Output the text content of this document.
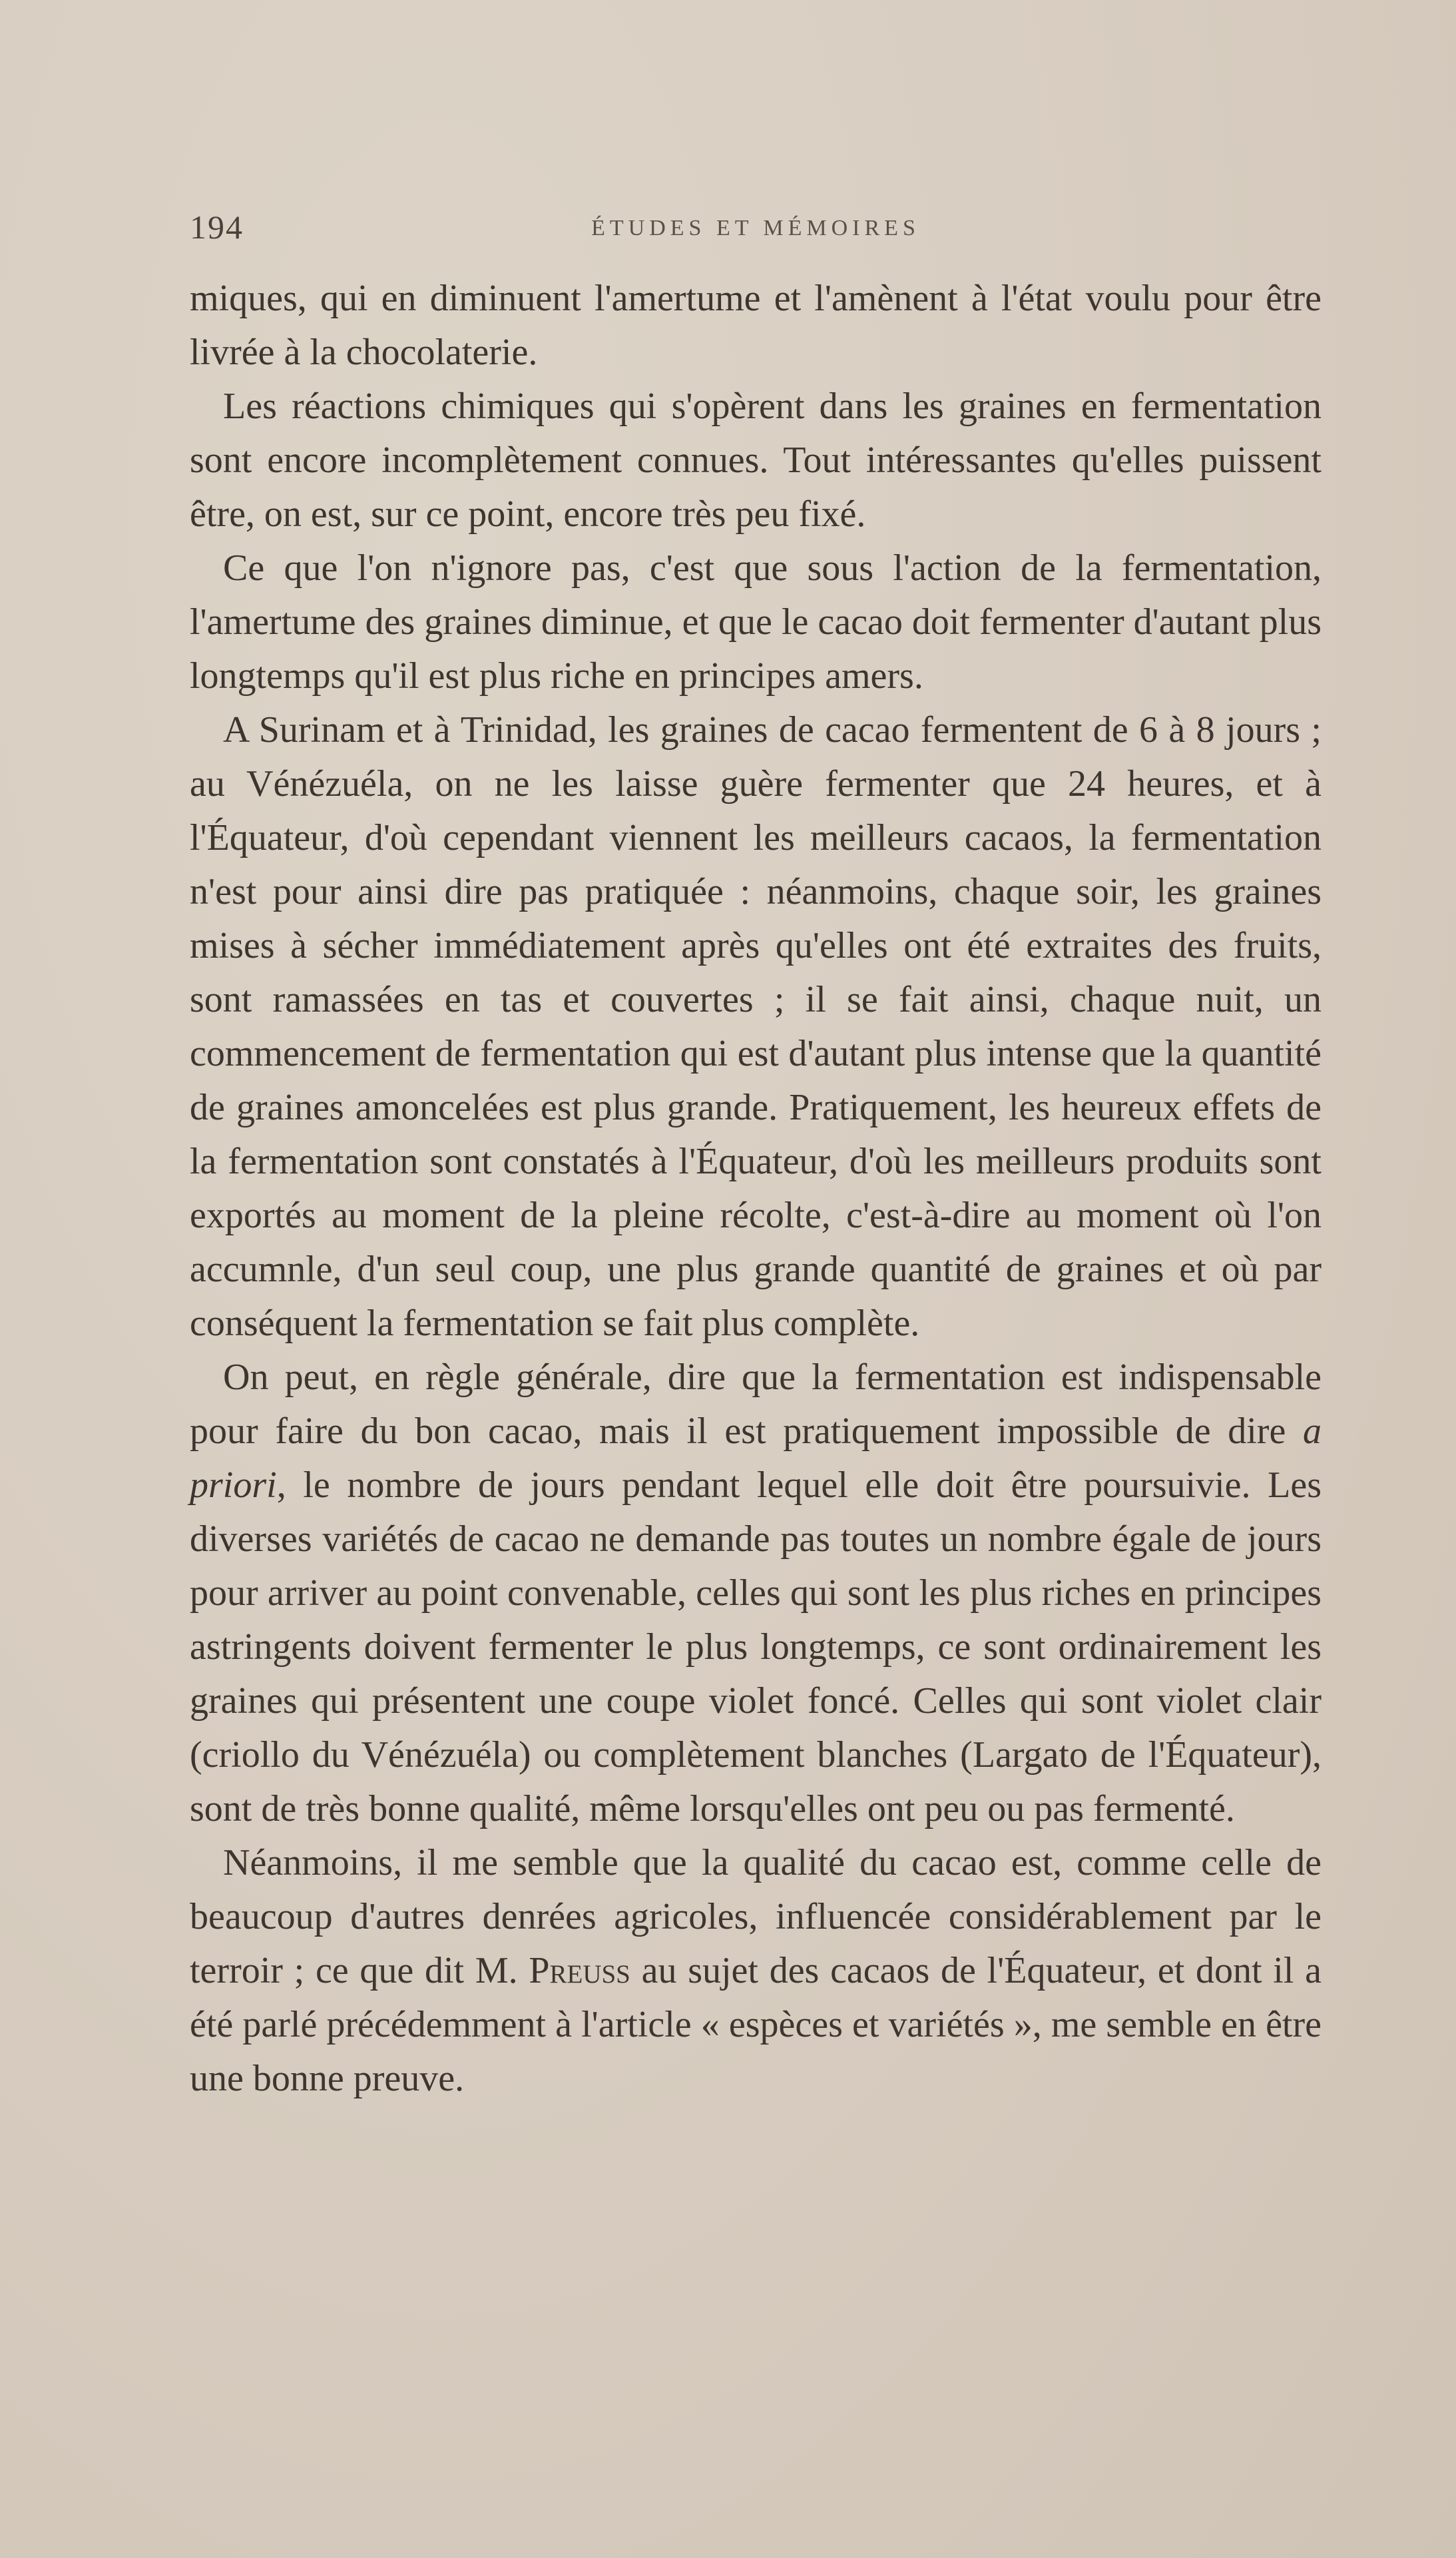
194	ÉTUDES ET MÉMOIRES

miques, qui en diminuent l'amertume et l'amènent à l'état voulu pour être livrée à la chocolaterie.

Les réactions chimiques qui s'opèrent dans les graines en fermentation sont encore incomplètement connues. Tout intéressantes qu'elles puissent être, on est, sur ce point, encore très peu fixé.

Ce que l'on n'ignore pas, c'est que sous l'action de la fermentation, l'amertume des graines diminue, et que le cacao doit fermenter d'autant plus longtemps qu'il est plus riche en principes amers.

A Surinam et à Trinidad, les graines de cacao fermentent de 6 à 8 jours ; au Vénézuéla, on ne les laisse guère fermenter que 24 heures, et à l'Équateur, d'où cependant viennent les meilleurs cacaos, la fermentation n'est pour ainsi dire pas pratiquée : néanmoins, chaque soir, les graines mises à sécher immédiatement après qu'elles ont été extraites des fruits, sont ramassées en tas et couvertes ; il se fait ainsi, chaque nuit, un commencement de fermentation qui est d'autant plus intense que la quantité de graines amoncelées est plus grande. Pratiquement, les heureux effets de la fermentation sont constatés à l'Équateur, d'où les meilleurs produits sont exportés au moment de la pleine récolte, c'est-à-dire au moment où l'on accumnle, d'un seul coup, une plus grande quantité de graines et où par conséquent la fermentation se fait plus complète.

On peut, en règle générale, dire que la fermentation est indispensable pour faire du bon cacao, mais il est pratiquement impossible de dire a priori, le nombre de jours pendant lequel elle doit être poursuivie. Les diverses variétés de cacao ne demande pas toutes un nombre égale de jours pour arriver au point convenable, celles qui sont les plus riches en principes astringents doivent fermenter le plus longtemps, ce sont ordinairement les graines qui présentent une coupe violet foncé. Celles qui sont violet clair (criollo du Vénézuéla) ou complètement blanches (Largato de l'Équateur), sont de très bonne qualité, même lorsqu'elles ont peu ou pas fermenté.

Néanmoins, il me semble que la qualité du cacao est, comme celle de beaucoup d'autres denrées agricoles, influencée considérablement par le terroir ; ce que dit M. Preuss au sujet des cacaos de l'Équateur, et dont il a été parlé précédemment à l'article « espèces et variétés », me semble en être une bonne preuve.
